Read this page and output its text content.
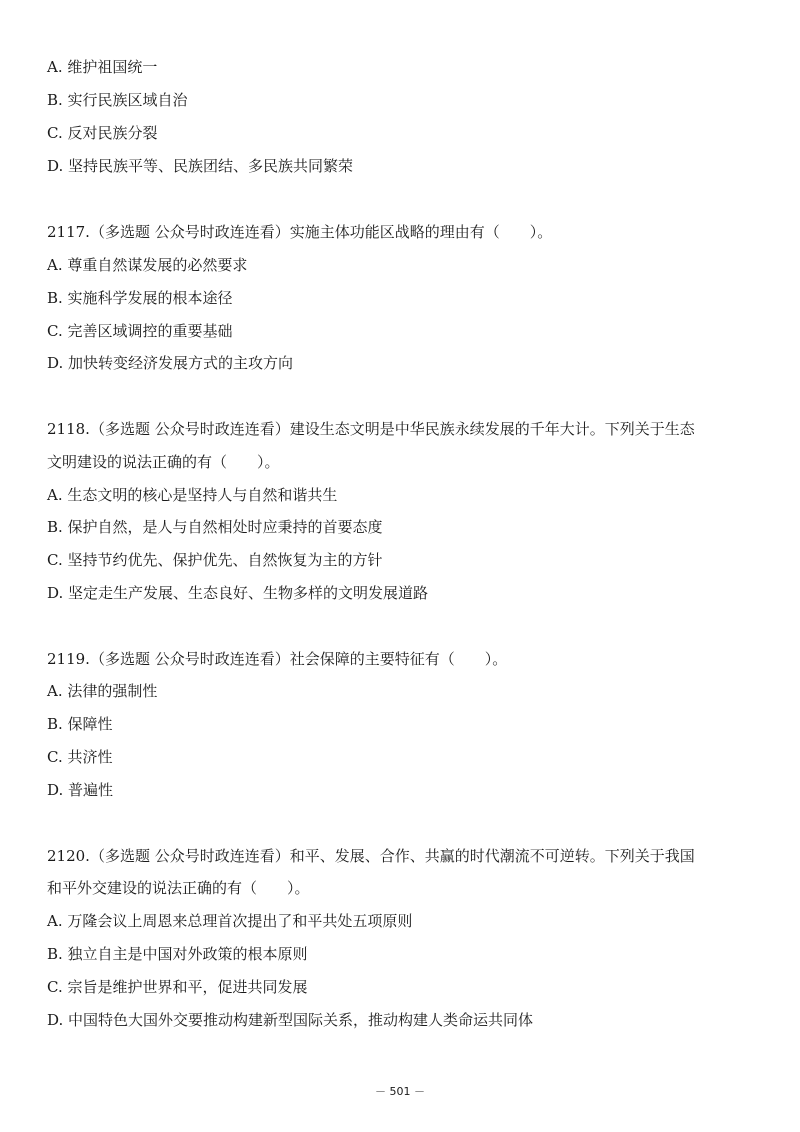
A. 维护祖国统一
B. 实行民族区域自治
C. 反对民族分裂
D. 坚持民族平等、民族团结、多民族共同繁荣
2117.（多选题 公众号时政连连看）实施主体功能区战略的理由有（　　）。
A. 尊重自然谋发展的必然要求
B. 实施科学发展的根本途径
C. 完善区域调控的重要基础
D. 加快转变经济发展方式的主攻方向
2118.（多选题 公众号时政连连看）建设生态文明是中华民族永续发展的千年大计。下列关于生态
文明建设的说法正确的有（　　）。
A. 生态文明的核心是坚持人与自然和谐共生
B. 保护自然，是人与自然相处时应秉持的首要态度
C. 坚持节约优先、保护优先、自然恢复为主的方针
D. 坚定走生产发展、生态良好、生物多样的文明发展道路
2119.（多选题 公众号时政连连看）社会保障的主要特征有（　　）。
A. 法律的强制性
B. 保障性
C. 共济性
D. 普遍性
2120.（多选题 公众号时政连连看）和平、发展、合作、共赢的时代潮流不可逆转。下列关于我国
和平外交建设的说法正确的有（　　）。
A. 万隆会议上周恩来总理首次提出了和平共处五项原则
B. 独立自主是中国对外政策的根本原则
C. 宗旨是维护世界和平，促进共同发展
D. 中国特色大国外交要推动构建新型国际关系，推动构建人类命运共同体
－ 501 －
